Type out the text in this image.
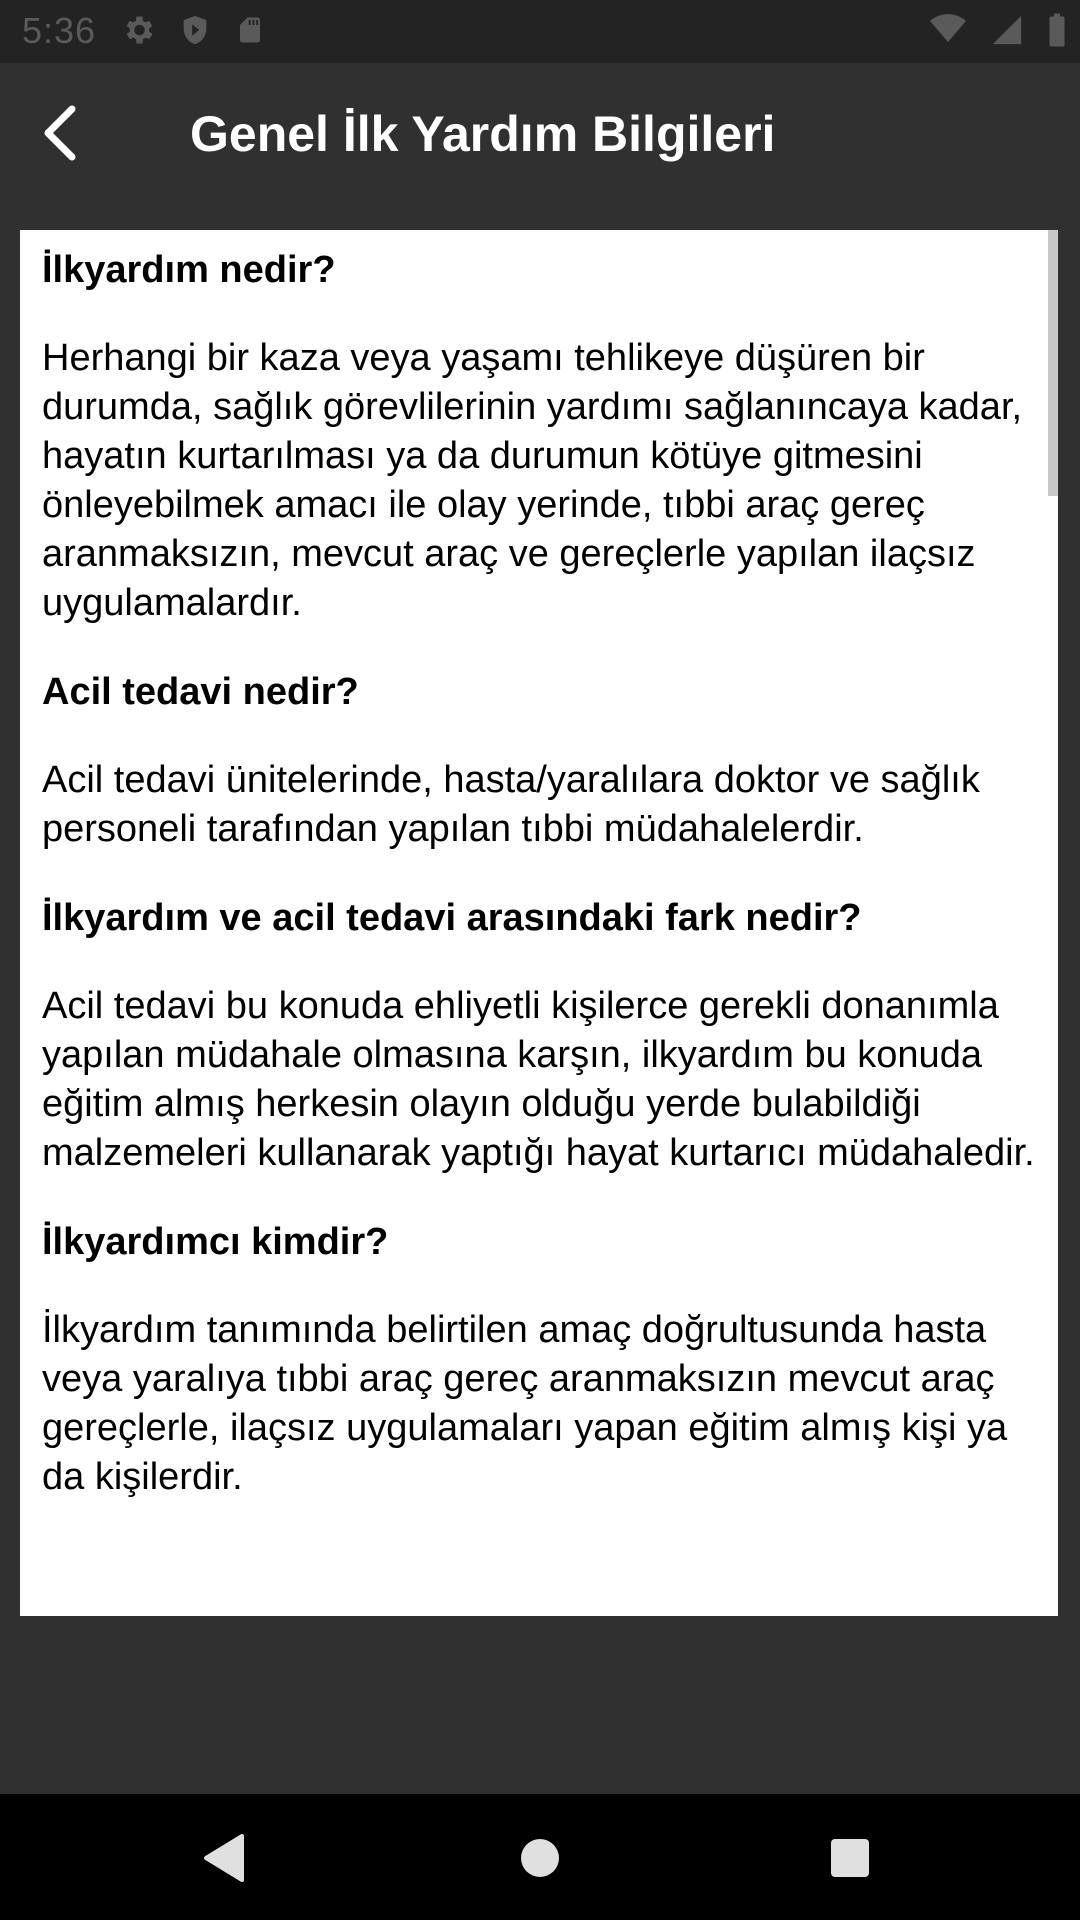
5:36

Genel İlk Yardım Bilgileri

İlkyardım nedir?

Herhangi bir kaza veya yaşamı tehlikeye düşüren bir durumda, sağlık görevlilerinin yardımı sağlanıncaya kadar, hayatın kurtarılması ya da durumun kötüye gitmesini önleyebilmek amacı ile olay yerinde, tıbbi araç gereç aranmaksızın, mevcut araç ve gereçlerle yapılan ilaçsız uygulamalardır.

Acil tedavi nedir?

Acil tedavi ünitelerinde, hasta/yaralılara doktor ve sağlık personeli tarafından yapılan tıbbi müdahalelerdir.

İlkyardım ve acil tedavi arasındaki fark nedir?

Acil tedavi bu konuda ehliyetli kişilerce gerekli donanımla yapılan müdahale olmasına karşın, ilkyardım bu konuda eğitim almış herkesin olayın olduğu yerde bulabildiği malzemeleri kullanarak yaptığı hayat kurtarıcı müdahaledir.

İlkyardımcı kimdir?

İlkyardım tanımında belirtilen amaç doğrultusunda hasta veya yaralıya tıbbi araç gereç aranmaksızın mevcut araç gereçlerle, ilaçsız uygulamaları yapan eğitim almış kişi ya da kişilerdir.
